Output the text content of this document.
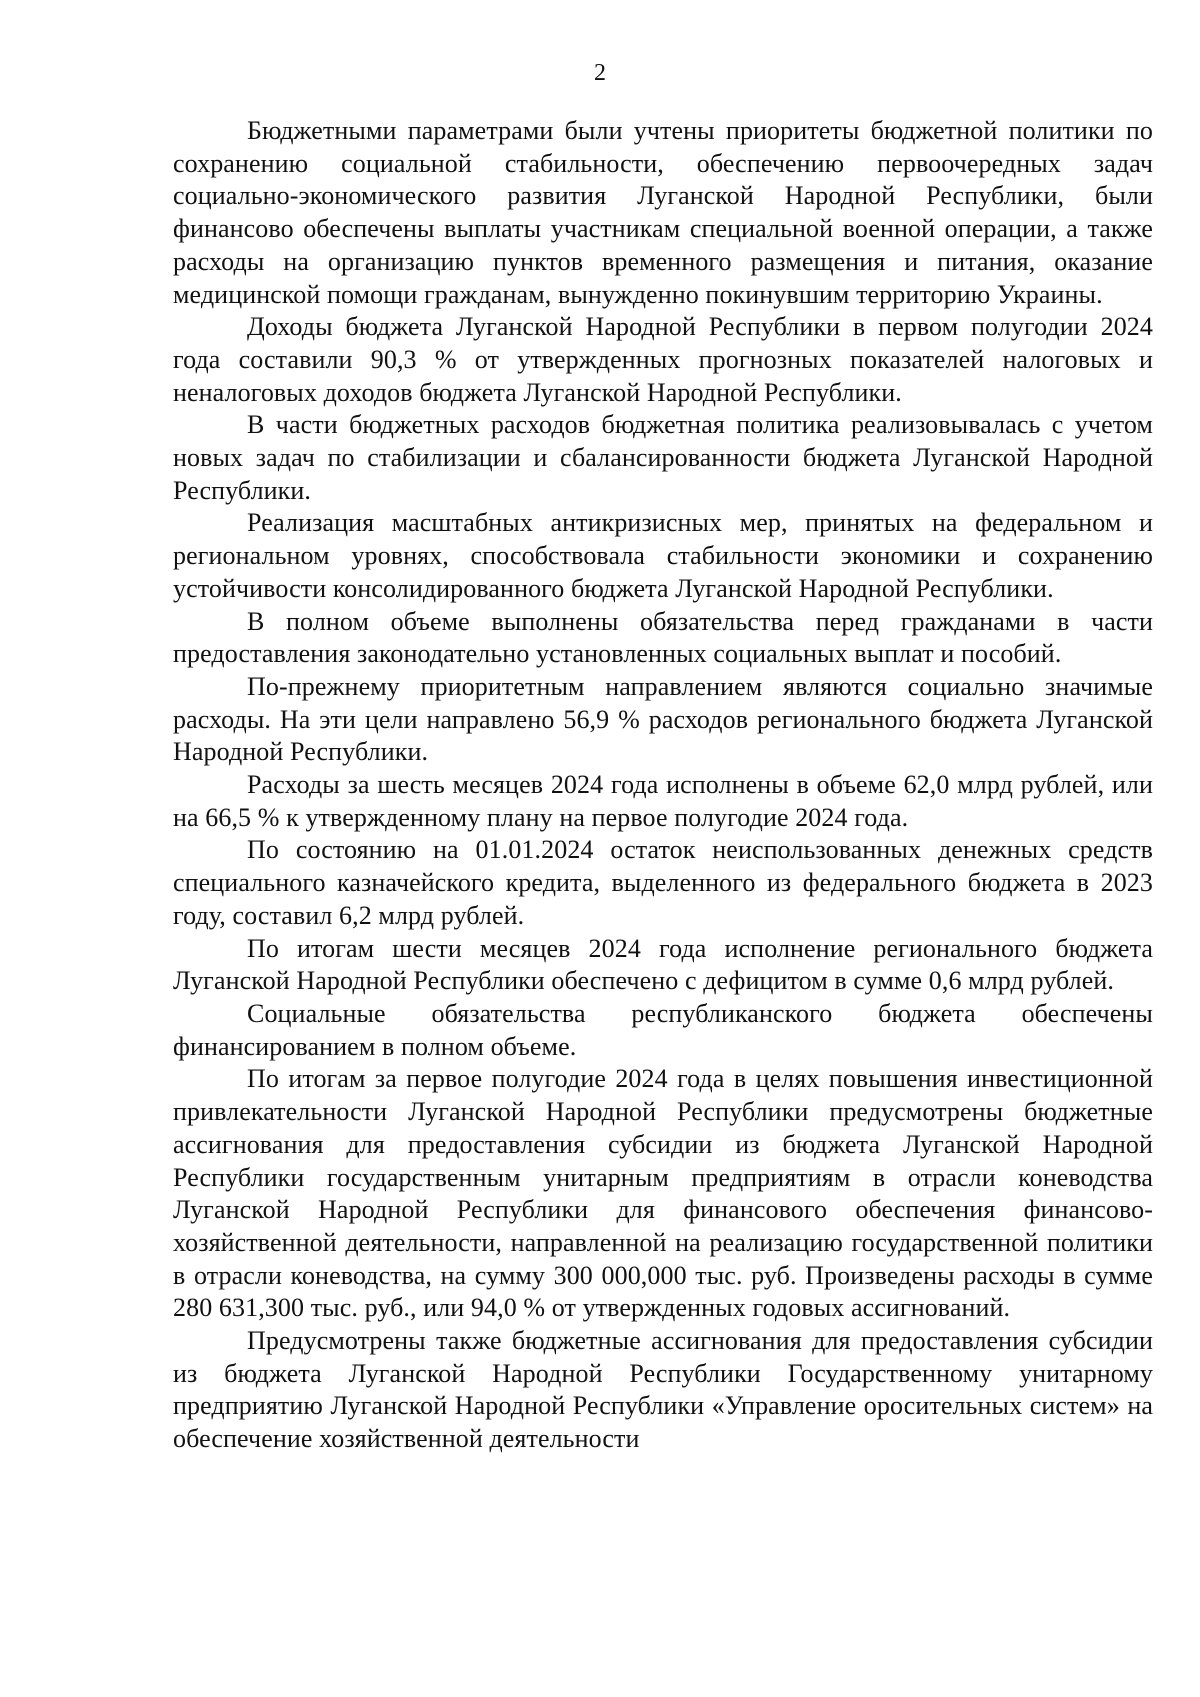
2

Бюджетными параметрами были учтены приоритеты бюджетной политики по сохранению социальной стабильности, обеспечению первоочередных задач социально-экономического развития Луганской Народной Республики, были финансово обеспечены выплаты участникам специальной военной операции, а также расходы на организацию пунктов временного размещения и питания, оказание медицинской помощи гражданам, вынужденно покинувшим территорию Украины.

Доходы бюджета Луганской Народной Республики в первом полугодии 2024 года составили 90,3 % от утвержденных прогнозных показателей налоговых и неналоговых доходов бюджета Луганской Народной Республики.

В части бюджетных расходов бюджетная политика реализовывалась с учетом новых задач по стабилизации и сбалансированности бюджета Луганской Народной Республики.

Реализация масштабных антикризисных мер, принятых на федеральном и региональном уровнях, способствовала стабильности экономики и сохранению устойчивости консолидированного бюджета Луганской Народной Республики.

В полном объеме выполнены обязательства перед гражданами в части предоставления законодательно установленных социальных выплат и пособий.

По-прежнему приоритетным направлением являются социально значимые расходы. На эти цели направлено 56,9 % расходов регионального бюджета Луганской Народной Республики.

Расходы за шесть месяцев 2024 года исполнены в объеме 62,0 млрд рублей, или на 66,5 % к утвержденному плану на первое полугодие 2024 года.

По состоянию на 01.01.2024 остаток неиспользованных денежных средств специального казначейского кредита, выделенного из федерального бюджета в 2023 году, составил 6,2 млрд рублей.

По итогам шести месяцев 2024 года исполнение регионального бюджета Луганской Народной Республики обеспечено с дефицитом в сумме 0,6 млрд рублей.

Социальные обязательства республиканского бюджета обеспечены финансированием в полном объеме.

По итогам за первое полугодие 2024 года в целях повышения инвестиционной привлекательности Луганской Народной Республики предусмотрены бюджетные ассигнования для предоставления субсидии из бюджета Луганской Народной Республики государственным унитарным предприятиям в отрасли коневодства Луганской Народной Республики для финансового обеспечения финансово-хозяйственной деятельности, направленной на реализацию государственной политики в отрасли коневодства, на сумму 300 000,000 тыс. руб. Произведены расходы в сумме 280 631,300 тыс. руб., или 94,0 % от утвержденных годовых ассигнований.

Предусмотрены также бюджетные ассигнования для предоставления субсидии из бюджета Луганской Народной Республики Государственному унитарному предприятию Луганской Народной Республики «Управление оросительных систем» на обеспечение хозяйственной деятельности
